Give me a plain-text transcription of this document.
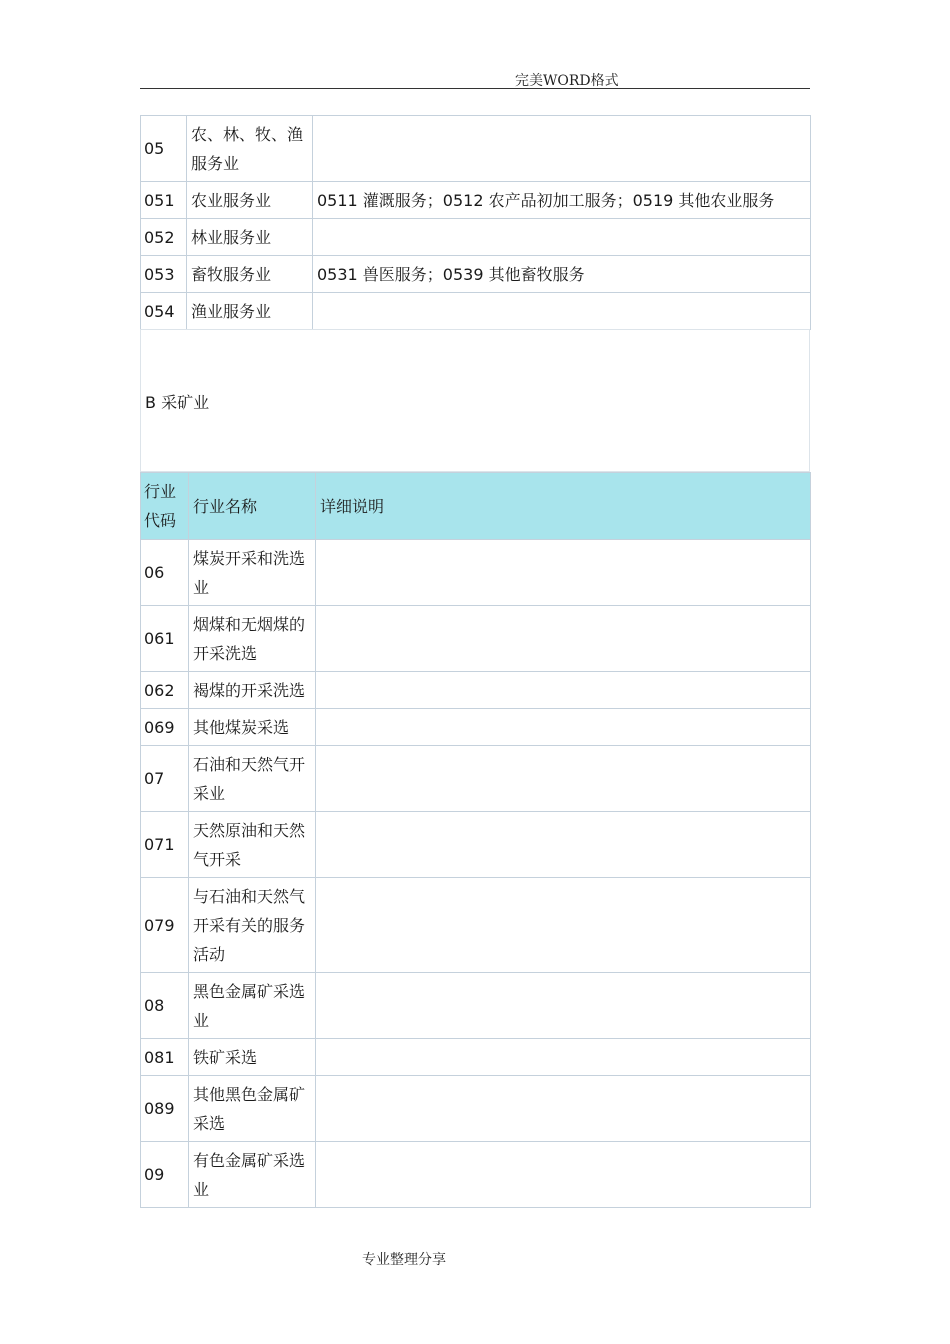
完美WORD格式
05	农、林、牧、渔服务业	
051	农业服务业	0511 灌溉服务；0512 农产品初加工服务；0519 其他农业服务
052	林业服务业	
053	畜牧服务业	0531 兽医服务；0539 其他畜牧服务
054	渔业服务业	
B 采矿业
行业代码	行业名称	详细说明
06	煤炭开采和洗选业	
061	烟煤和无烟煤的开采洗选	
062	褐煤的开采洗选	
069	其他煤炭采选	
07	石油和天然气开采业	
071	天然原油和天然气开采	
079	与石油和天然气开采有关的服务活动	
08	黑色金属矿采选业	
081	铁矿采选	
089	其他黑色金属矿采选	
09	有色金属矿采选业	
专业整理分享
